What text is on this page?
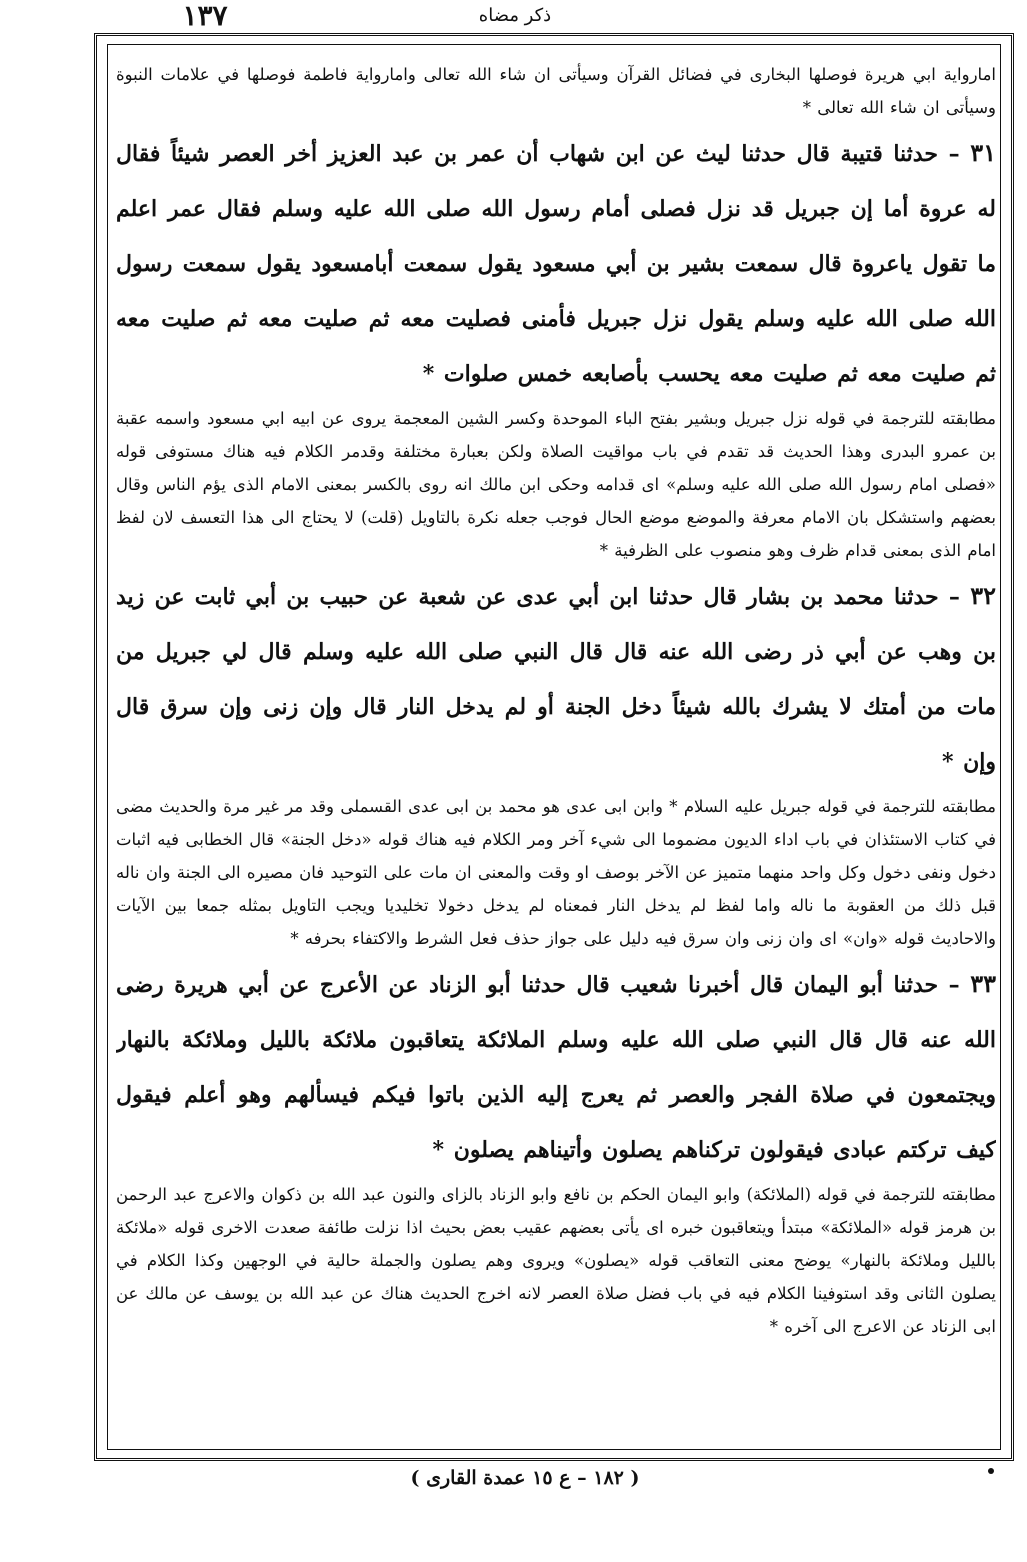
١٣٧	ذكر مضاه

امارواية ابي هريرة فوصلها البخارى في فضائل القرآن وسيأتى ان شاء الله تعالى وامارواية فاطمة فوصلها في علامات النبوة وسيأتى ان شاء الله تعالى *

٣١ – حدثنا قتيبة قال حدثنا ليث عن ابن شهاب أن عمر بن عبد العزيز أخر العصر شيئاً فقال له عروة أما إن جبريل قد نزل فصلى أمام رسول الله صلى الله عليه وسلم فقال عمر اعلم ما تقول ياعروة قال سمعت بشير بن أبي مسعود يقول سمعت أبامسعود يقول سمعت رسول الله صلى الله عليه وسلم يقول نزل جبريل فأمنى فصليت معه ثم صليت معه ثم صليت معه ثم صليت معه ثم صليت معه يحسب بأصابعه خمس صلوات *

مطابقته للترجمة في قوله نزل جبريل وبشير بفتح الباء الموحدة وكسر الشين المعجمة يروى عن ابيه ابي مسعود واسمه عقبة بن عمرو البدرى وهذا الحديث قد تقدم في باب مواقيت الصلاة ولكن بعبارة مختلفة وقدمر الكلام فيه هناك مستوفى قوله «فصلى امام رسول الله صلى الله عليه وسلم» اى قدامه وحكى ابن مالك انه روى بالكسر بمعنى الامام الذى يؤم الناس وقال بعضهم واستشكل بان الامام معرفة والموضع موضع الحال فوجب جعله نكرة بالتاويل (قلت) لا يحتاج الى هذا التعسف لان لفظ امام الذى بمعنى قدام ظرف وهو منصوب على الظرفية *

٣٢ – حدثنا محمد بن بشار قال حدثنا ابن أبي عدى عن شعبة عن حبيب بن أبي ثابت عن زيد بن وهب عن أبي ذر رضى الله عنه قال قال النبي صلى الله عليه وسلم قال لي جبريل من مات من أمتك لا يشرك بالله شيئاً دخل الجنة أو لم يدخل النار قال وإن زنى وإن سرق قال وإن *

مطابقته للترجمة في قوله جبريل عليه السلام * وابن ابى عدى هو محمد بن ابى عدى القسملى وقد مر غير مرة والحديث مضى في كتاب الاستئذان في باب اداء الديون مضموما الى شيء آخر ومر الكلام فيه هناك قوله «دخل الجنة» قال الخطابى فيه اثبات دخول ونفى دخول وكل واحد منهما متميز عن الآخر بوصف او وقت والمعنى ان مات على التوحيد فان مصيره الى الجنة وان ناله قبل ذلك من العقوبة ما ناله واما لفظ لم يدخل النار فمعناه لم يدخل دخولا تخليديا ويجب التاويل بمثله جمعا بين الآيات والاحاديث قوله «وان» اى وان زنى وان سرق فيه دليل على جواز حذف فعل الشرط والاكتفاء بحرفه *

٣٣ – حدثنا أبو اليمان قال أخبرنا شعيب قال حدثنا أبو الزناد عن الأعرج عن أبي هريرة رضى الله عنه قال قال النبي صلى الله عليه وسلم الملائكة يتعاقبون ملائكة بالليل وملائكة بالنهار ويجتمعون في صلاة الفجر والعصر ثم يعرج إليه الذين باتوا فيكم فيسألهم وهو أعلم فيقول كيف تركتم عبادى فيقولون تركناهم يصلون وأتيناهم يصلون *

مطابقته للترجمة في قوله (الملائكة) وابو اليمان الحكم بن نافع وابو الزناد بالزاى والنون عبد الله بن ذكوان والاعرج عبد الرحمن بن هرمز قوله «الملائكة» مبتدأ ويتعاقبون خبره اى يأتى بعضهم عقيب بعض بحيث اذا نزلت طائفة صعدت الاخرى قوله «ملائكة بالليل وملائكة بالنهار» يوضح معنى التعاقب قوله «يصلون» ويروى وهم يصلون والجملة حالية في الوجهين وكذا الكلام في يصلون الثانى وقد استوفينا الكلام فيه في باب فضل صلاة العصر لانه اخرج الحديث هناك عن عبد الله بن يوسف عن مالك عن ابى الزناد عن الاعرج الى آخره *

( ١٨٢ – ع ١٥ عمدة القارى )
